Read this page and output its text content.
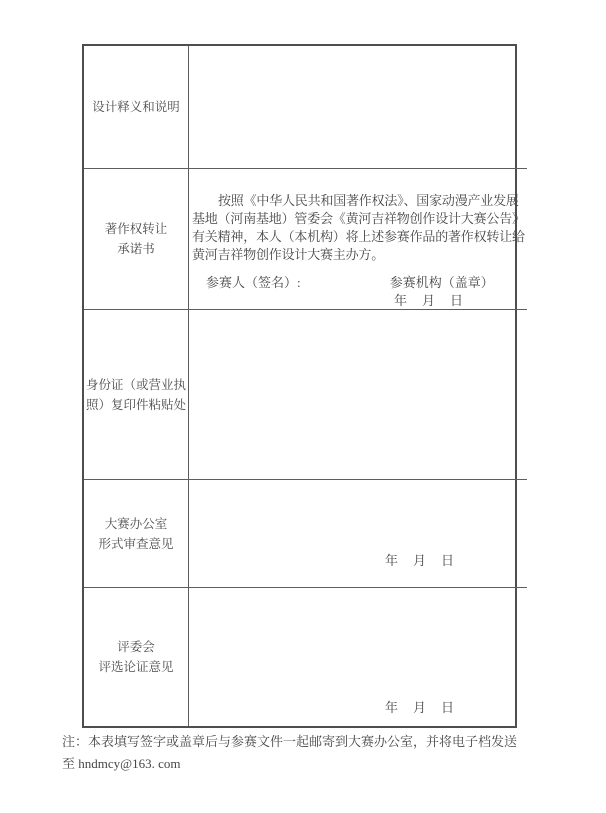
设计释义和说明
著作权转让
承诺书
按照《中华人民共和国著作权法》、国家动漫产业发展
基地（河南基地）管委会《黄河吉祥物创作设计大赛公告》
有关精神，本人（本机构）将上述参赛作品的著作权转让给
黄河吉祥物创作设计大赛主办方。
参赛人（签名）:	参赛机构（盖章）
年　月　日
身份证（或营业执
照）复印件粘贴处
大赛办公室
形式审查意见
年　月　日
评委会
评选论证意见
年　月　日
注：本表填写签字或盖章后与参赛文件一起邮寄到大赛办公室，并将电子档发送
至 hndmcy@163. com
